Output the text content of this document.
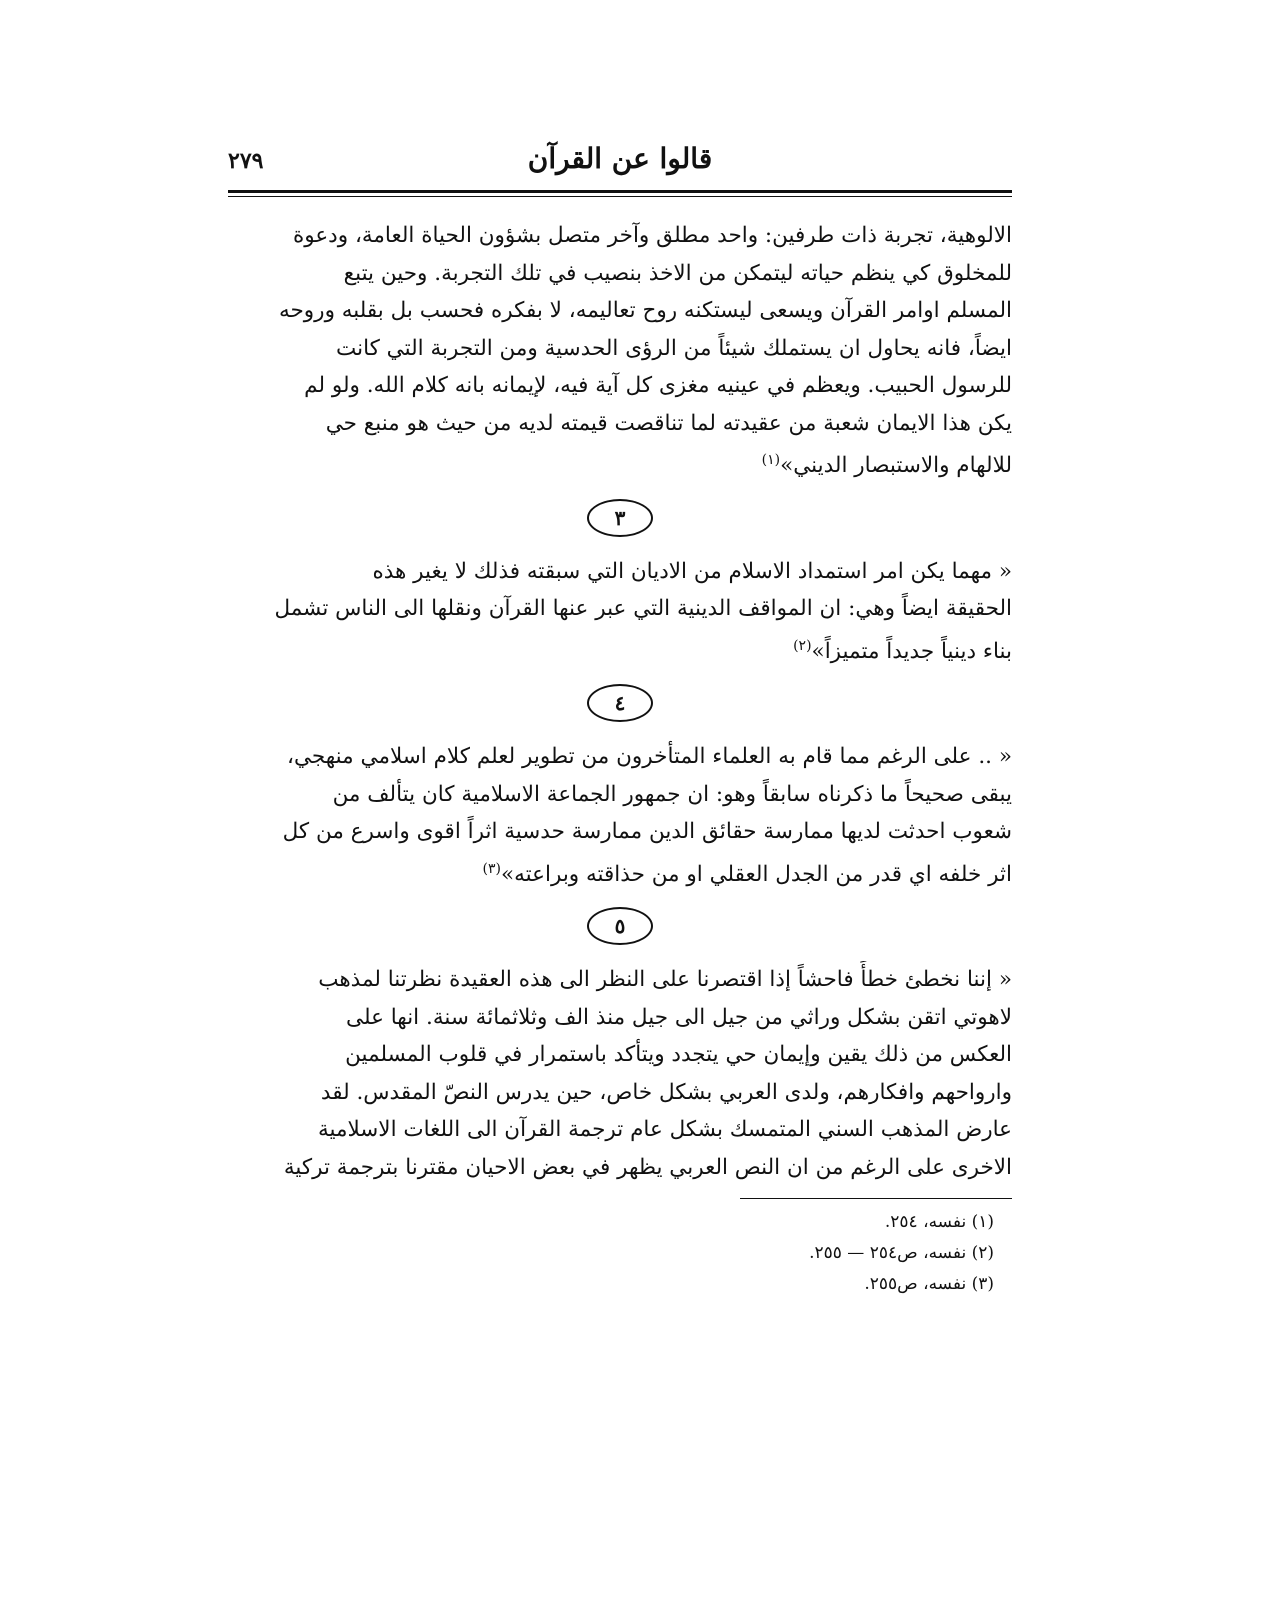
قالوا عن القرآن
٢٧٩

الالوهية، تجربة ذات طرفين: واحد مطلق وآخر متصل بشؤون الحياة العامة، ودعوة
للمخلوق كي ينظم حياته ليتمكن من الاخذ بنصيب في تلك التجربة. وحين يتبع
المسلم اوامر القرآن ويسعى ليستكنه روح تعاليمه، لا بفكره فحسب بل بقلبه وروحه
ايضاً، فانه يحاول ان يستملك شيئاً من الرؤى الحدسية ومن التجربة التي كانت
للرسول الحبيب. ويعظم في عينيه مغزى كل آية فيه، لإيمانه بانه كلام الله. ولو لم
يكن هذا الايمان شعبة من عقيدته لما تناقصت قيمته لديه من حيث هو منبع حي
للالهام والاستبصار الديني»$^{(١)}$

٣

« مهما يكن امر استمداد الاسلام من الاديان التي سبقته فذلك لا يغير هذه
الحقيقة ايضاً وهي: ان المواقف الدينية التي عبر عنها القرآن ونقلها الى الناس تشمل
بناء دينياً جديداً متميزاً»$^{(٢)}$

٤

« .. على الرغم مما قام به العلماء المتأخرون من تطوير لعلم كلام اسلامي منهجي،
يبقى صحيحاً ما ذكرناه سابقاً وهو: ان جمهور الجماعة الاسلامية كان يتألف من
شعوب احدثت لديها ممارسة حقائق الدين ممارسة حدسية اثراً اقوى واسرع من كل
اثر خلفه اي قدر من الجدل العقلي او من حذاقته وبراعته»$^{(٣)}$

٥

« إننا نخطئ خطأً فاحشاً إذا اقتصرنا على النظر الى هذه العقيدة نظرتنا لمذهب
لاهوتي اتقن بشكل وراثي من جيل الى جيل منذ الف وثلاثمائة سنة. انها على
العكس من ذلك يقين وإيمان حي يتجدد ويتأكد باستمرار في قلوب المسلمين
وارواحهم وافكارهم، ولدى العربي بشكل خاص، حين يدرس النصّ المقدس. لقد
عارض المذهب السني المتمسك بشكل عام ترجمة القرآن الى اللغات الاسلامية
الاخرى على الرغم من ان النص العربي يظهر في بعض الاحيان مقترنا بترجمة تركية

(١) نفسه، ٢٥٤.
(٢) نفسه، ص٢٥٤ — ٢٥٥.
(٣) نفسه، ص٢٥٥.
